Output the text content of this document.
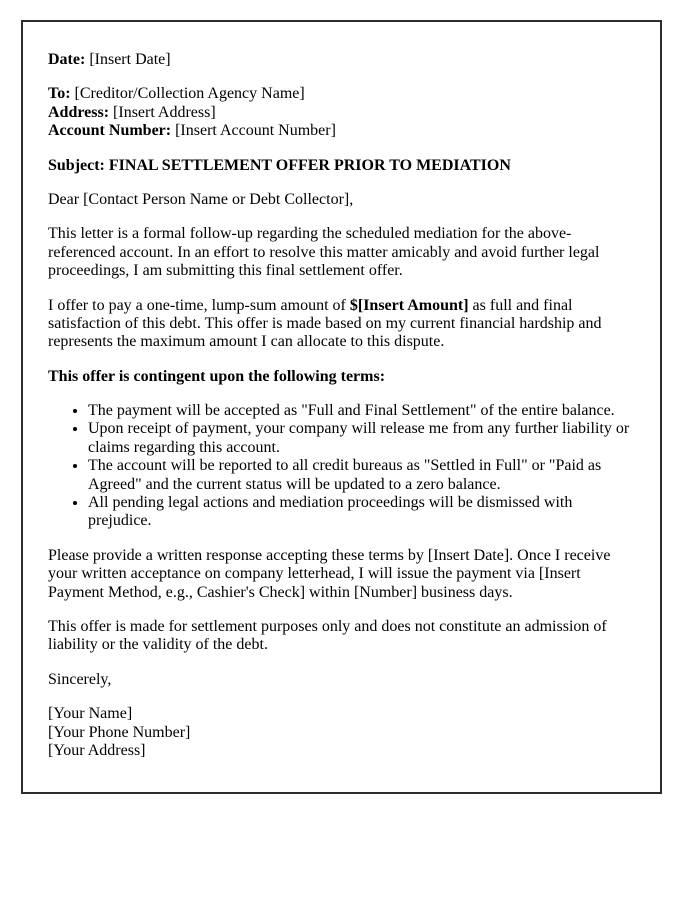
Date: [Insert Date]

To: [Creditor/Collection Agency Name]
Address: [Insert Address]
Account Number: [Insert Account Number]

Subject: FINAL SETTLEMENT OFFER PRIOR TO MEDIATION

Dear [Contact Person Name or Debt Collector],

This letter is a formal follow-up regarding the scheduled mediation for the above-referenced account. In an effort to resolve this matter amicably and avoid further legal proceedings, I am submitting this final settlement offer.

I offer to pay a one-time, lump-sum amount of $[Insert Amount] as full and final satisfaction of this debt. This offer is made based on my current financial hardship and represents the maximum amount I can allocate to this dispute.

This offer is contingent upon the following terms:

• The payment will be accepted as "Full and Final Settlement" of the entire balance.
• Upon receipt of payment, your company will release me from any further liability or claims regarding this account.
• The account will be reported to all credit bureaus as "Settled in Full" or "Paid as Agreed" and the current status will be updated to a zero balance.
• All pending legal actions and mediation proceedings will be dismissed with prejudice.

Please provide a written response accepting these terms by [Insert Date]. Once I receive your written acceptance on company letterhead, I will issue the payment via [Insert Payment Method, e.g., Cashier's Check] within [Number] business days.

This offer is made for settlement purposes only and does not constitute an admission of liability or the validity of the debt.

Sincerely,

[Your Name]
[Your Phone Number]
[Your Address]
